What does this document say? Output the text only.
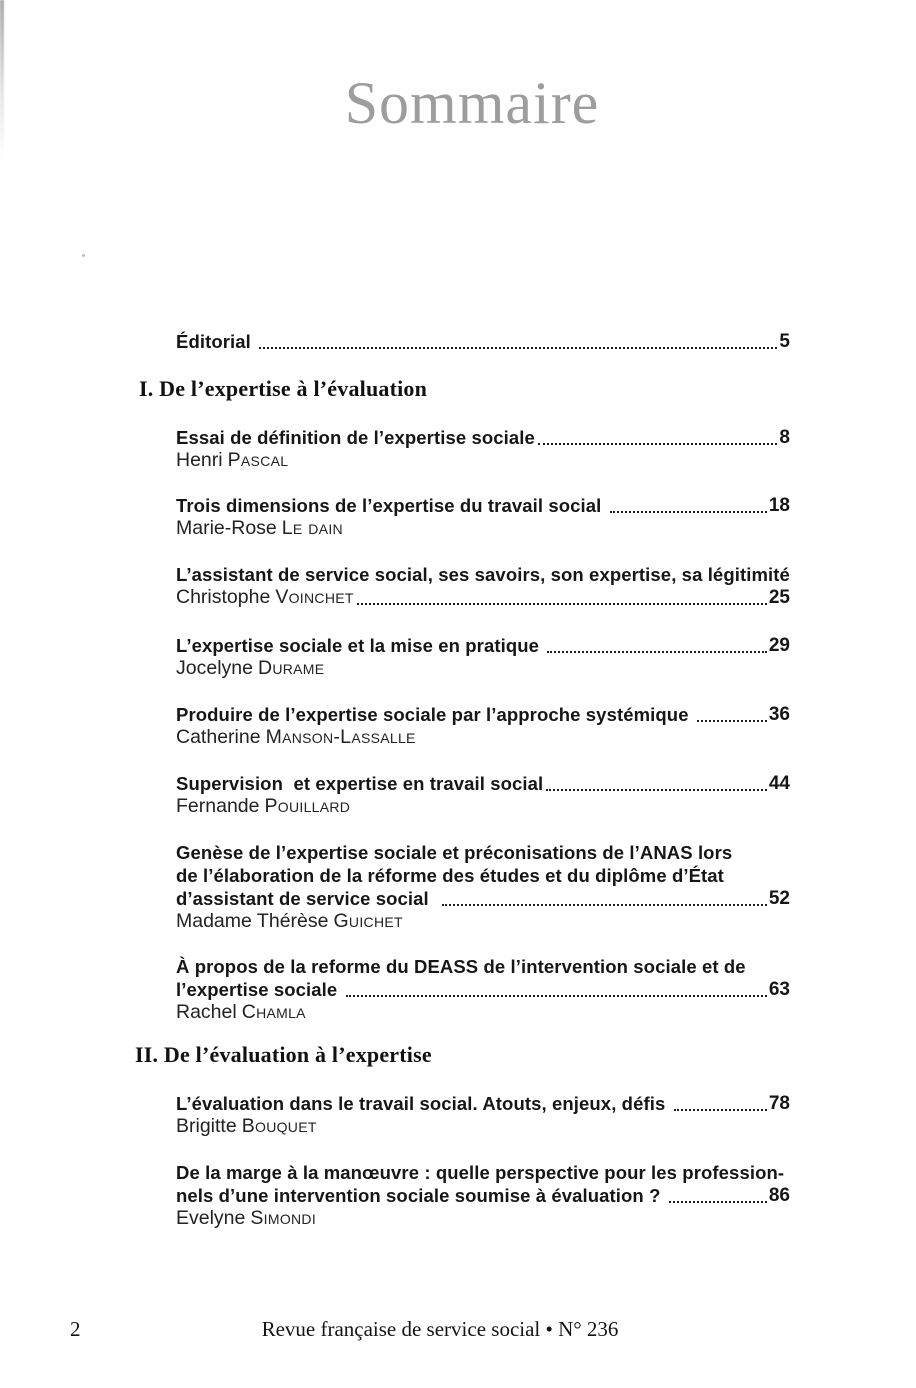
Sommaire
Éditorial	5
I. De l’expertise à l’évaluation
Essai de définition de l’expertise sociale	8
Henri Pascal
Trois dimensions de l’expertise du travail social	18
Marie-Rose Le dain
L’assistant de service social, ses savoirs, son expertise, sa légitimité
Christophe Voinchet	25
L’expertise sociale et la mise en pratique	29
Jocelyne Durame
Produire de l’expertise sociale par l’approche systémique	36
Catherine Manson-Lassalle
Supervision  et expertise en travail social	44
Fernande Pouillard
Genèse de l’expertise sociale et préconisations de l’ANAS lors
de l’élaboration de la réforme des études et du diplôme d’État
d’assistant de service social	52
Madame Thérèse Guichet
À propos de la reforme du DEASS de l’intervention sociale et de
l’expertise sociale	63
Rachel Chamla
II. De l’évaluation à l’expertise
L’évaluation dans le travail social. Atouts, enjeux, défis	78
Brigitte Bouquet
De la marge à la manœuvre : quelle perspective pour les profession-
nels d’une intervention sociale soumise à évaluation ?	86
Evelyne Simondi

2	Revue française de service social • N° 236
